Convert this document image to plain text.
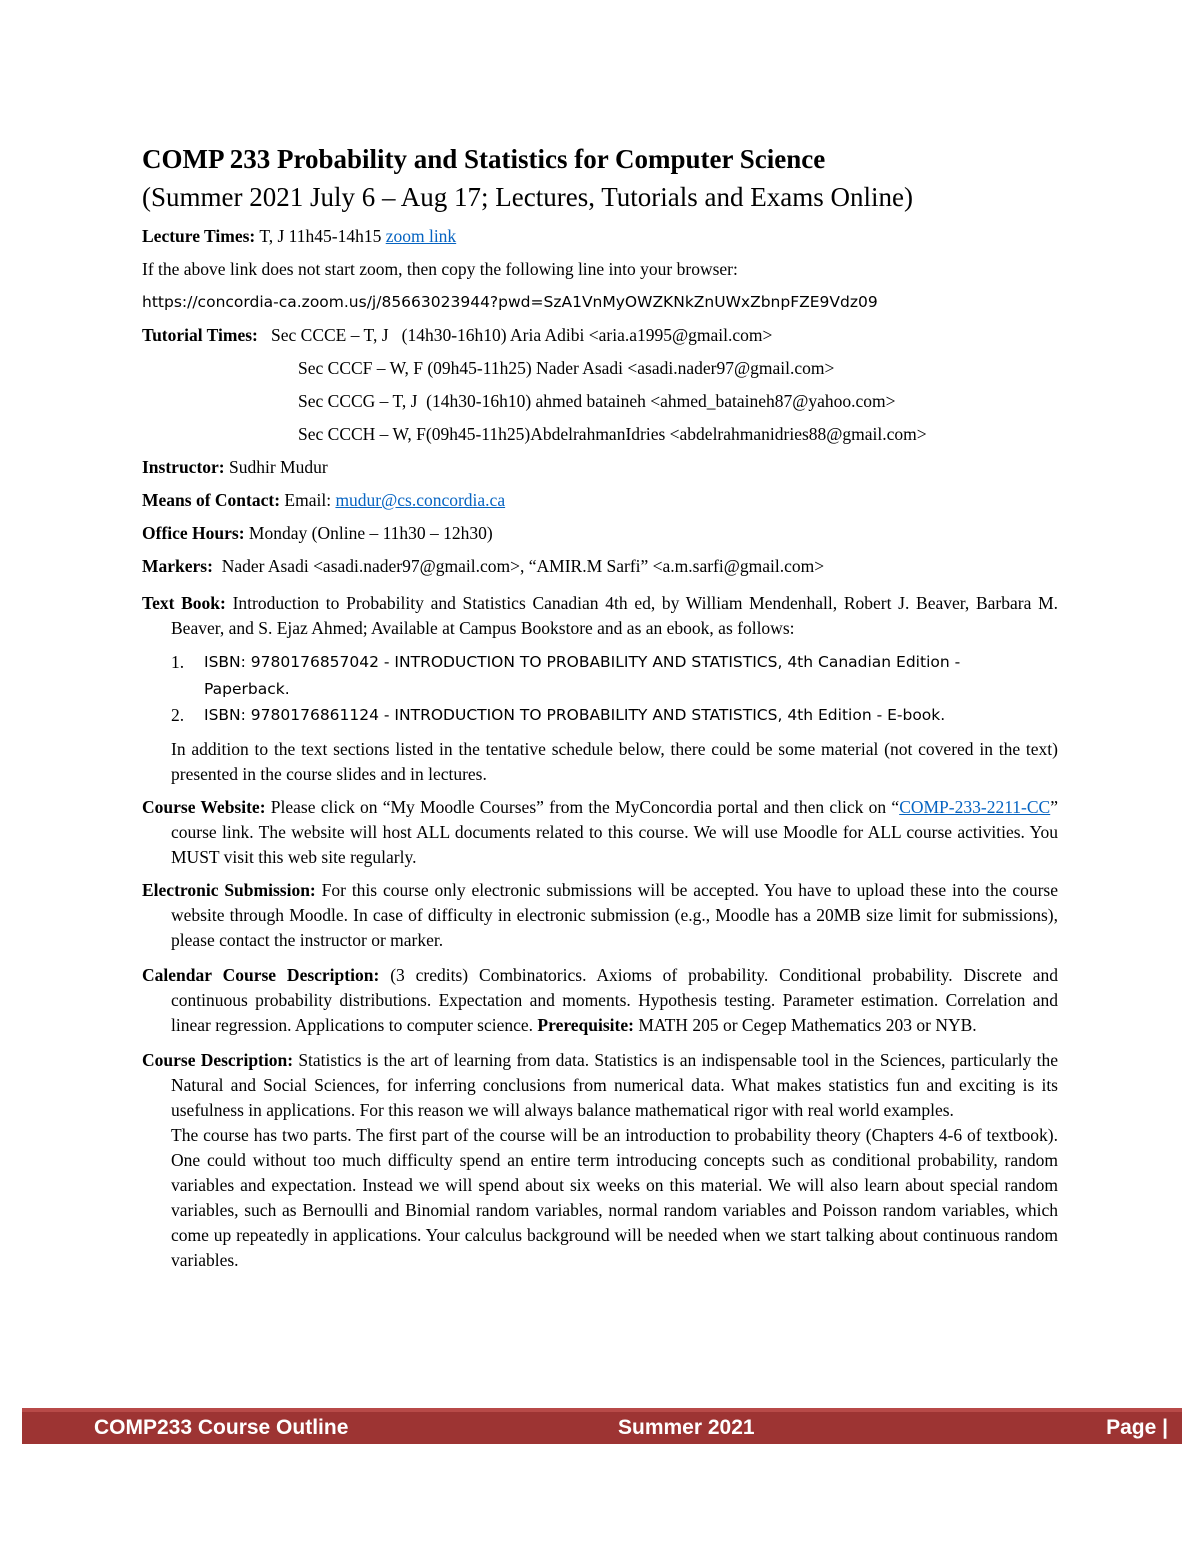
COMP 233 Probability and Statistics for Computer Science
(Summer 2021 July 6 – Aug 17; Lectures, Tutorials and Exams Online)
Lecture Times: T, J 11h45-14h15 zoom link
If the above link does not start zoom, then copy the following line into your browser:
https://concordia-ca.zoom.us/j/85663023944?pwd=SzA1VnMyOWZKNkZnUWxZbnpFZE9Vdz09
Tutorial Times: Sec CCCE – T, J   (14h30-16h10) Aria Adibi <aria.a1995@gmail.com>
Sec CCCF – W, F (09h45-11h25) Nader Asadi <asadi.nader97@gmail.com>
Sec CCCG – T, J  (14h30-16h10) ahmed bataineh <ahmed_bataineh87@yahoo.com>
Sec CCCH – W, F(09h45-11h25)AbdelrahmanIdries <abdelrahmanidries88@gmail.com>
Instructor: Sudhir Mudur
Means of Contact: Email: mudur@cs.concordia.ca
Office Hours: Monday (Online – 11h30 – 12h30)
Markers: Nader Asadi <asadi.nader97@gmail.com>, “AMIR.M Sarfi” <a.m.sarfi@gmail.com>

Text Book: Introduction to Probability and Statistics Canadian 4th ed, by William Mendenhall, Robert J. Beaver, Barbara M. Beaver, and S. Ejaz Ahmed; Available at Campus Bookstore and as an ebook, as follows:

1. ISBN: 9780176857042 - INTRODUCTION TO PROBABILITY AND STATISTICS, 4th Canadian Edition - Paperback.
2. ISBN: 9780176861124 - INTRODUCTION TO PROBABILITY AND STATISTICS, 4th Edition - E-book.

In addition to the text sections listed in the tentative schedule below, there could be some material (not covered in the text) presented in the course slides and in lectures.

Course Website: Please click on “My Moodle Courses” from the MyConcordia portal and then click on “COMP-233-2211-CC” course link. The website will host ALL documents related to this course. We will use Moodle for ALL course activities. You MUST visit this web site regularly.

Electronic Submission: For this course only electronic submissions will be accepted. You have to upload these into the course website through Moodle. In case of difficulty in electronic submission (e.g., Moodle has a 20MB size limit for submissions), please contact the instructor or marker.

Calendar Course Description: (3 credits) Combinatorics. Axioms of probability. Conditional probability. Discrete and continuous probability distributions. Expectation and moments. Hypothesis testing. Parameter estimation. Correlation and linear regression. Applications to computer science. Prerequisite: MATH 205 or Cegep Mathematics 203 or NYB.

Course Description: Statistics is the art of learning from data. Statistics is an indispensable tool in the Sciences, particularly the Natural and Social Sciences, for inferring conclusions from numerical data. What makes statistics fun and exciting is its usefulness in applications. For this reason we will always balance mathematical rigor with real world examples.

The course has two parts. The first part of the course will be an introduction to probability theory (Chapters 4-6 of textbook). One could without too much difficulty spend an entire term introducing concepts such as conditional probability, random variables and expectation. Instead we will spend about six weeks on this material. We will also learn about special random variables, such as Bernoulli and Binomial random variables, normal random variables and Poisson random variables, which come up repeatedly in applications. Your calculus background will be needed when we start talking about continuous random variables.

COMP233 Course Outline	Summer 2021	Page |
